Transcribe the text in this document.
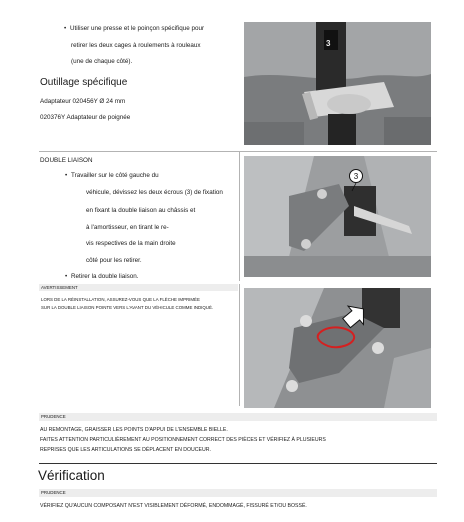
• Utiliser une presse et le poinçon spécifique pour
retirer les deux cages à roulements à rouleaux
(une de chaque côté).
Outillage spécifique
Adaptateur 020456Y Ø 24 mm
020376Y Adaptateur de poignée
3
DOUBLE LIAISON
• Travailler sur le côté gauche du
véhicule, dévissez les deux écrous (3) de fixation
en fixant la double liaison au châssis et
à l'amortisseur, en tirant le re-
vis respectives de la main droite
côté pour les retirer.
• Retirer la double liaison.
3
AVERTISSEMENT
LORS DE LA RÉINSTALLATION, ASSUREZ-VOUS QUE LA FLÈCHE IMPRIMÉE
SUR LA DOUBLE LIAISON POINTE VERS L'AVANT DU VÉHICULE COMME INDIQUÉ.
PRUDENCE
AU REMONTAGE, GRAISSER LES POINTS D'APPUI DE L'ENSEMBLE BIELLE.
FAITES ATTENTION PARTICULIÈREMENT AU POSITIONNEMENT CORRECT DES PIÈCES ET VÉRIFIEZ À PLUSIEURS
REPRISES QUE LES ARTICULATIONS SE DÉPLACENT EN DOUCEUR.
Vérification
PRUDENCE
VÉRIFIEZ QU'AUCUN COMPOSANT N'EST VISIBLEMENT DÉFORMÉ, ENDOMMAGÉ, FISSURÉ ET/OU BOSSÉ.
